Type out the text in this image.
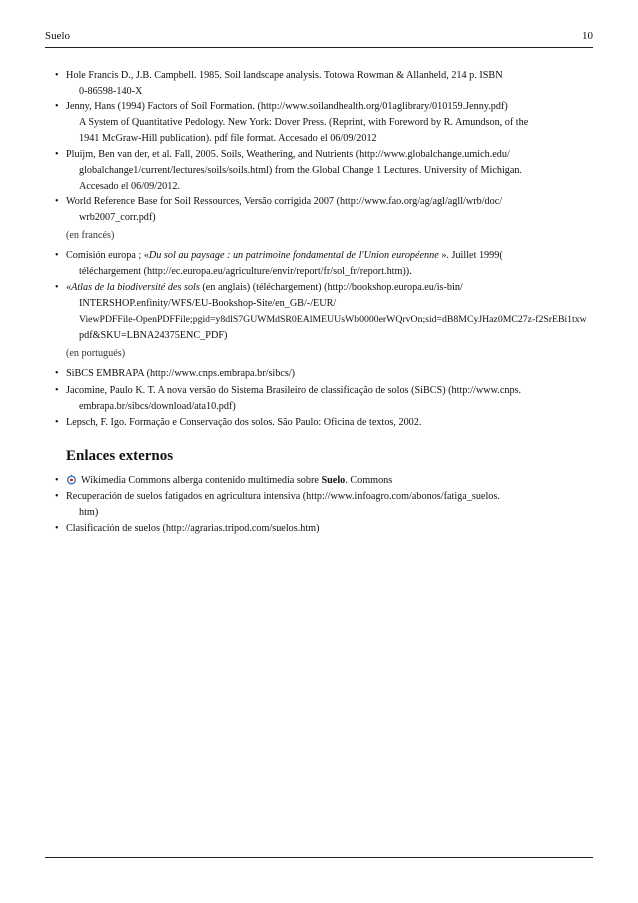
Suelo	10
• Hole Francis D., J.B. Campbell. 1985. Soil landscape analysis. Totowa Rowman & Allanheld, 214 p. ISBN
0-86598-140-X
• Jenny, Hans (1994) Factors of Soil Formation. (http://www.soilandhealth.org/01aglibrary/010159.Jenny.pdf)
A System of Quantitative Pedology. New York: Dover Press. (Reprint, with Foreword by R. Amundson, of the
1941 McGraw-Hill publication). pdf file format. Accesado el 06/09/2012
• Pluijm, Ben van der, et al. Fall, 2005. Soils, Weathering, and Nutrients (http://www.globalchange.umich.edu/
globalchange1/current/lectures/soils/soils.html) from the Global Change 1 Lectures. University of Michigan.
Accesado el 06/09/2012.
• World Reference Base for Soil Ressources, Versão corrigida 2007 (http://www.fao.org/ag/agl/agll/wrb/doc/
wrb2007_corr.pdf)
(en francés)
• Comisión europa ; «Du sol au paysage : un patrimoine fondamental de l'Union européenne ». Juillet 1999(
téléchargement (http://ec.europa.eu/agriculture/envir/report/fr/sol_fr/report.htm)).
• «Atlas de la biodiversité des sols (en anglais) (téléchargement) (http://bookshop.europa.eu/is-bin/
INTERSHOP.enfinity/WFS/EU-Bookshop-Site/en_GB/-/EUR/
ViewPDFFile-OpenPDFFile;pgid=y8dlS7GUWMdSR0EAlMEUUsWb0000erWQrvOn;sid=dB8MCyJHaz0MC27z-f2SrEBi1txw
pdf&SKU=LBNA24375ENC_PDF)
(en portugués)
• SiBCS EMBRAPA (http://www.cnps.embrapa.br/sibcs/)
• Jacomine, Paulo K. T. A nova versão do Sistema Brasileiro de classificação de solos (SiBCS) (http://www.cnps.
embrapa.br/sibcs/download/ata10.pdf)
• Lepsch, F. Igo. Formação e Conservação dos solos. São Paulo: Oficina de textos, 2002.
Enlaces externos
•	Wikimedia Commons alberga contenido multimedia sobre Suelo. Commons
• Recuperación de suelos fatigados en agricultura intensiva (http://www.infoagro.com/abonos/fatiga_suelos.
htm)
• Clasificación de suelos (http://agrarias.tripod.com/suelos.htm)
